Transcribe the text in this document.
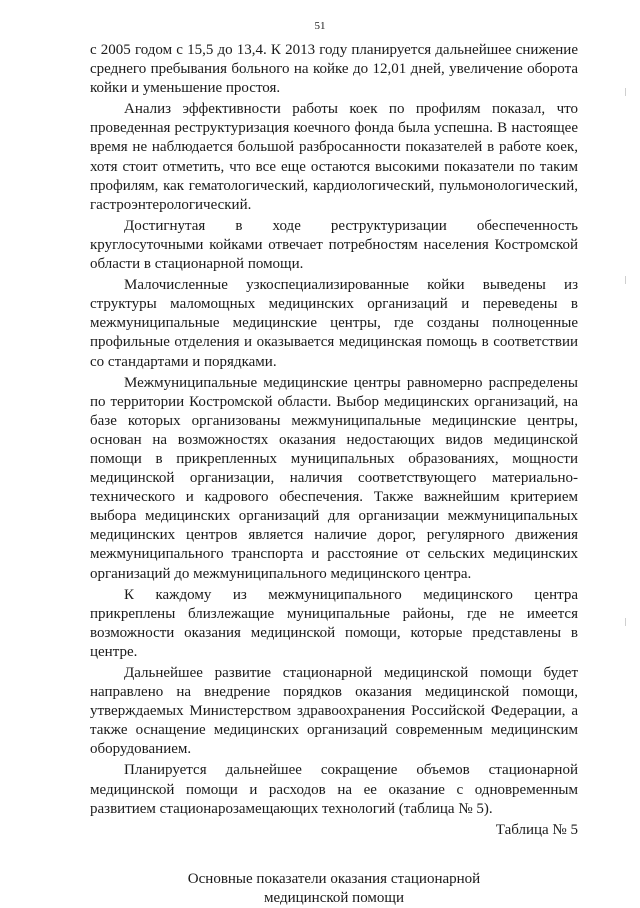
51

с 2005 годом с 15,5 до 13,4. К 2013 году планируется дальнейшее снижение среднего пребывания больного на койке до 12,01 дней, увеличение оборота койки и уменьшение простоя.

Анализ эффективности работы коек по профилям показал, что проведенная реструктуризация коечного фонда была успешна. В настоящее время не наблюдается большой разбросанности показателей в работе коек, хотя стоит отметить, что все еще остаются высокими показатели по таким профилям, как гематологический, кардиологический, пульмонологический, гастроэнтерологический.

Достигнутая в ходе реструктуризации обеспеченность круглосуточными койками отвечает потребностям населения Костромской области в стационарной помощи.

Малочисленные узкоспециализированные койки выведены из структуры маломощных медицинских организаций и переведены в межмуниципальные медицинские центры, где созданы полноценные профильные отделения и оказывается медицинская помощь в соответствии со стандартами и порядками.

Межмуниципальные медицинские центры равномерно распределены по территории Костромской области. Выбор медицинских организаций, на базе которых организованы межмуниципальные медицинские центры, основан на возможностях оказания недостающих видов медицинской помощи в прикрепленных муниципальных образованиях, мощности медицинской организации, наличия соответствующего материально-технического и кадрового обеспечения. Также важнейшим критерием выбора медицинских организаций для организации межмуниципальных медицинских центров является наличие дорог, регулярного движения межмуниципального транспорта и расстояние от сельских медицинских организаций до межмуниципального медицинского центра.

К каждому из межмуниципального медицинского центра прикреплены близлежащие муниципальные районы, где не имеется возможности оказания медицинской помощи, которые представлены в центре.

Дальнейшее развитие стационарной медицинской помощи будет направлено на внедрение порядков оказания медицинской помощи, утверждаемых Министерством здравоохранения Российской Федерации, а также оснащение медицинских организаций современным медицинским оборудованием.

Планируется дальнейшее сокращение объемов стационарной медицинской помощи и расходов на ее оказание с одновременным развитием стационарозамещающих технологий (таблица № 5).

Таблица № 5

Основные показатели оказания стационарной
медицинской помощи
